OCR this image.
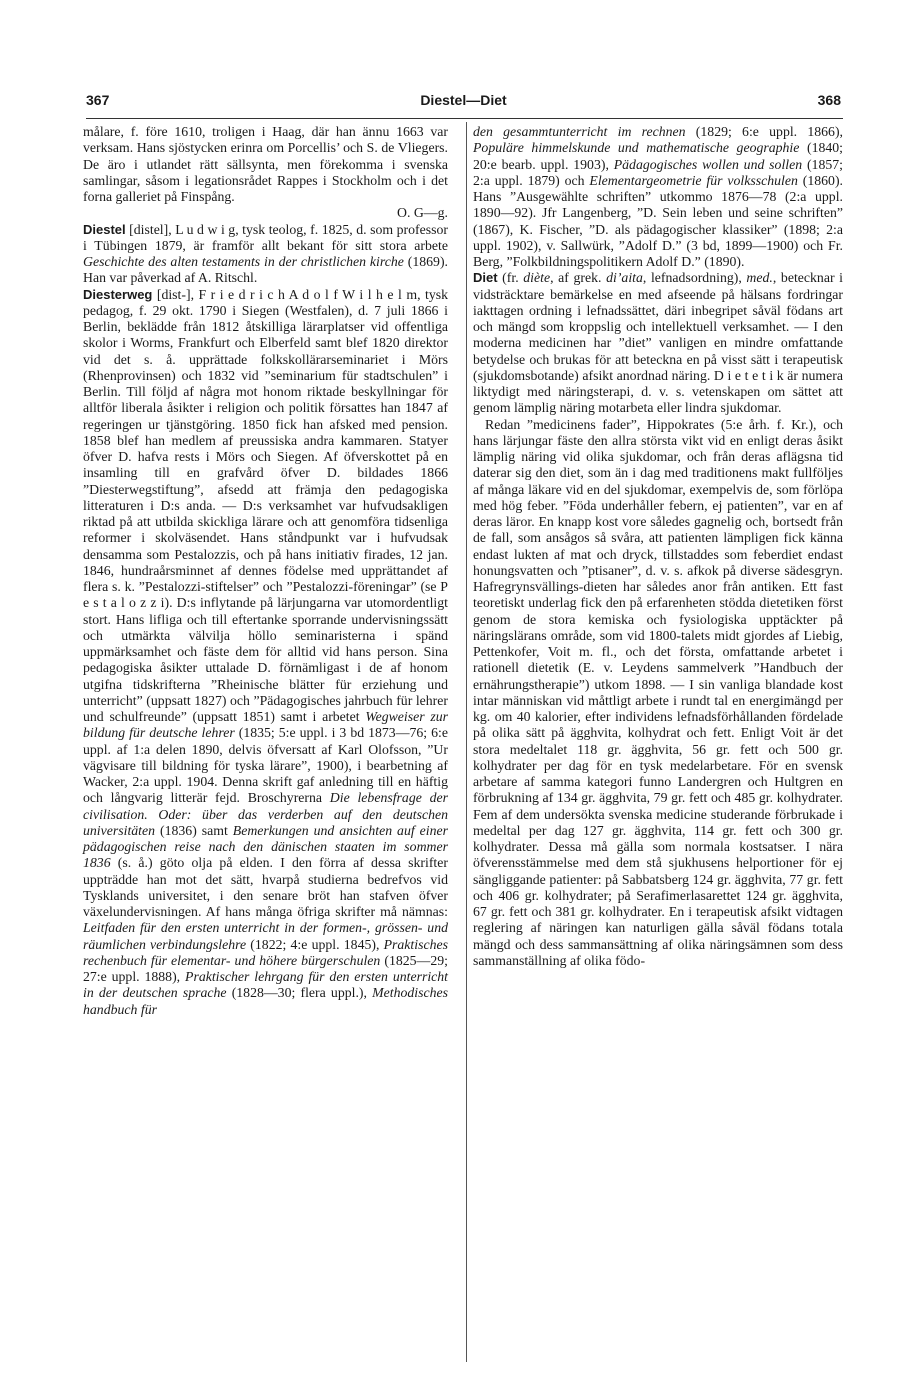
367	Diestel—Diet	368

målare, f. före 1610, troligen i Haag, där han ännu 1663 var verksam. Hans sjöstycken erinra om Porcellis’ och S. de Vliegers. De äro i utlandet rätt sällsynta, men förekomma i svenska samlingar, såsom i legationsrådet Rappes i Stockholm och i det forna galleriet på Finspång.

O. G—g.

Diestel [distel], L u d w i g, tysk teolog, f. 1825, d. som professor i Tübingen 1879, är framför allt bekant för sitt stora arbete Geschichte des alten testaments in der christlichen kirche (1869). Han var påverkad af A. Ritschl.

Diesterweg [dist-], F r i e d r i c h A d o l f W i l h e l m, tysk pedagog, f. 29 okt. 1790 i Siegen (Westfalen), d. 7 juli 1866 i Berlin, beklädde från 1812 åtskilliga lärarplatser vid offentliga skolor i Worms, Frankfurt och Elberfeld samt blef 1820 direktor vid det s. å. upprättade folkskollärarseminariet i Mörs (Rhenprovinsen) och 1832 vid ”seminarium für stadtschulen” i Berlin. Till följd af några mot honom riktade beskyllningar för alltför liberala åsikter i religion och politik försattes han 1847 af regeringen ur tjänstgöring. 1850 fick han afsked med pension. 1858 blef han medlem af preussiska andra kammaren. Statyer öfver D. hafva rests i Mörs och Siegen. Af öfverskottet på en insamling till en grafvård öfver D. bildades 1866 ”Diesterwegstiftung”, afsedd att främja den pedagogiska litteraturen i D:s anda. — D:s verksamhet var hufvudsakligen riktad på att utbilda skickliga lärare och att genomföra tidsenliga reformer i skolväsendet. Hans ståndpunkt var i hufvudsak densamma som Pestalozzis, och på hans initiativ firades, 12 jan. 1846, hundraårsminnet af dennes födelse med upprättandet af flera s. k. ”Pestalozzi-stiftelser” och ”Pestalozzi-föreningar” (se P e s t a l o z z i). D:s inflytande på lärjungarna var utomordentligt stort. Hans lifliga och till eftertanke sporrande undervisningssätt och utmärkta välvilja höllo seminaristerna i spänd uppmärksamhet och fäste dem för alltid vid hans person. Sina pedagogiska åsikter uttalade D. förnämligast i de af honom utgifna tidskrifterna ”Rheinische blätter für erziehung und unterricht” (uppsatt 1827) och ”Pädagogisches jahrbuch für lehrer und schulfreunde” (uppsatt 1851) samt i arbetet Wegweiser zur bildung für deutsche lehrer (1835; 5:e uppl. i 3 bd 1873—76; 6:e uppl. af 1:a delen 1890, delvis öfversatt af Karl Olofsson, ”Ur vägvisare till bildning för tyska lärare”, 1900), i bearbetning af Wacker, 2:a uppl. 1904. Denna skrift gaf anledning till en häftig och långvarig litterär fejd. Broschyrerna Die lebensfrage der civilisation. Oder: über das verderben auf den deutschen universitäten (1836) samt Bemerkungen und ansichten auf einer pädagogischen reise nach den dänischen staaten im sommer 1836 (s. å.) göto olja på elden. I den förra af dessa skrifter uppträdde han mot det sätt, hvarpå studierna bedrefvos vid Tysklands universitet, i den senare bröt han stafven öfver växelundervisningen. Af hans många öfriga skrifter må nämnas: Leitfaden für den ersten unterricht in der formen-, grössen- und räumlichen verbindungslehre (1822; 4:e uppl. 1845), Praktisches rechenbuch für elementar- und höhere bürgerschulen (1825—29; 27:e uppl. 1888), Praktischer lehrgang für den ersten unterricht in der deutschen sprache (1828—30; flera uppl.), Methodisches handbuch für

den gesammtunterricht im rechnen (1829; 6:e uppl. 1866), Populäre himmelskunde und mathematische geographie (1840; 20:e bearb. uppl. 1903), Pädagogisches wollen und sollen (1857; 2:a uppl. 1879) och Elementargeometrie für volksschulen (1860). Hans ”Ausgewählte schriften” utkommo 1876—78 (2:a uppl. 1890—92). Jfr Langenberg, ”D. Sein leben und seine schriften” (1867), K. Fischer, ”D. als pädagogischer klassiker” (1898; 2:a uppl. 1902), v. Sallwürk, ”Adolf D.” (3 bd, 1899—1900) och Fr. Berg, ”Folkbildningspolitikern Adolf D.” (1890).

Diet (fr. diète, af grek. di’aita, lefnadsordning), med., betecknar i vidsträcktare bemärkelse en med afseende på hälsans fordringar iakttagen ordning i lefnadssättet, däri inbegripet såväl födans art och mängd som kroppslig och intellektuell verksamhet. — I den moderna medicinen har ”diet” vanligen en mindre omfattande betydelse och brukas för att beteckna en på visst sätt i terapeutisk (sjukdomsbotande) afsikt anordnad näring. D i e t e t i k är numera liktydigt med näringsterapi, d. v. s. vetenskapen om sättet att genom lämplig näring motarbeta eller lindra sjukdomar.

Redan ”medicinens fader”, Hippokrates (5:e årh. f. Kr.), och hans lärjungar fäste den allra största vikt vid en enligt deras åsikt lämplig näring vid olika sjukdomar, och från deras aflägsna tid daterar sig den diet, som än i dag med traditionens makt fullföljes af många läkare vid en del sjukdomar, exempelvis de, som förlöpa med hög feber. ”Föda underhåller febern, ej patienten”, var en af deras läror. En knapp kost vore således gagnelig och, bortsedt från de fall, som ansågos så svåra, att patienten lämpligen fick känna endast lukten af mat och dryck, tillstaddes som feberdiet endast honungsvatten och ”ptisaner”, d. v. s. afkok på diverse sädesgryn. Hafregrynsvällings-dieten har således anor från antiken. Ett fast teoretiskt underlag fick den på erfarenheten stödda dietetiken först genom de stora kemiska och fysiologiska upptäckter på näringslärans område, som vid 1800-talets midt gjordes af Liebig, Pettenkofer, Voit m. fl., och det första, omfattande arbetet i rationell dietetik (E. v. Leydens sammelverk ”Handbuch der ernährungstherapie”) utkom 1898. — I sin vanliga blandade kost intar människan vid måttligt arbete i rundt tal en energimängd per kg. om 40 kalorier, efter individens lefnadsförhållanden fördelade på olika sätt på ägghvita, kolhydrat och fett. Enligt Voit är det stora medeltalet 118 gr. ägghvita, 56 gr. fett och 500 gr. kolhydrater per dag för en tysk medelarbetare. För en svensk arbetare af samma kategori funno Landergren och Hultgren en förbrukning af 134 gr. ägghvita, 79 gr. fett och 485 gr. kolhydrater. Fem af dem undersökta svenska medicine studerande förbrukade i medeltal per dag 127 gr. ägghvita, 114 gr. fett och 300 gr. kolhydrater. Dessa må gälla som normala kostsatser. I nära öfverensstämmelse med dem stå sjukhusens helportioner för ej sängliggande patienter: på Sabbatsberg 124 gr. ägghvita, 77 gr. fett och 406 gr. kolhydrater; på Serafimerlasarettet 124 gr. ägghvita, 67 gr. fett och 381 gr. kolhydrater. En i terapeutisk afsikt vidtagen reglering af näringen kan naturligen gälla såväl födans totala mängd och dess sammansättning af olika näringsämnen som dess sammanställning af olika födo-
